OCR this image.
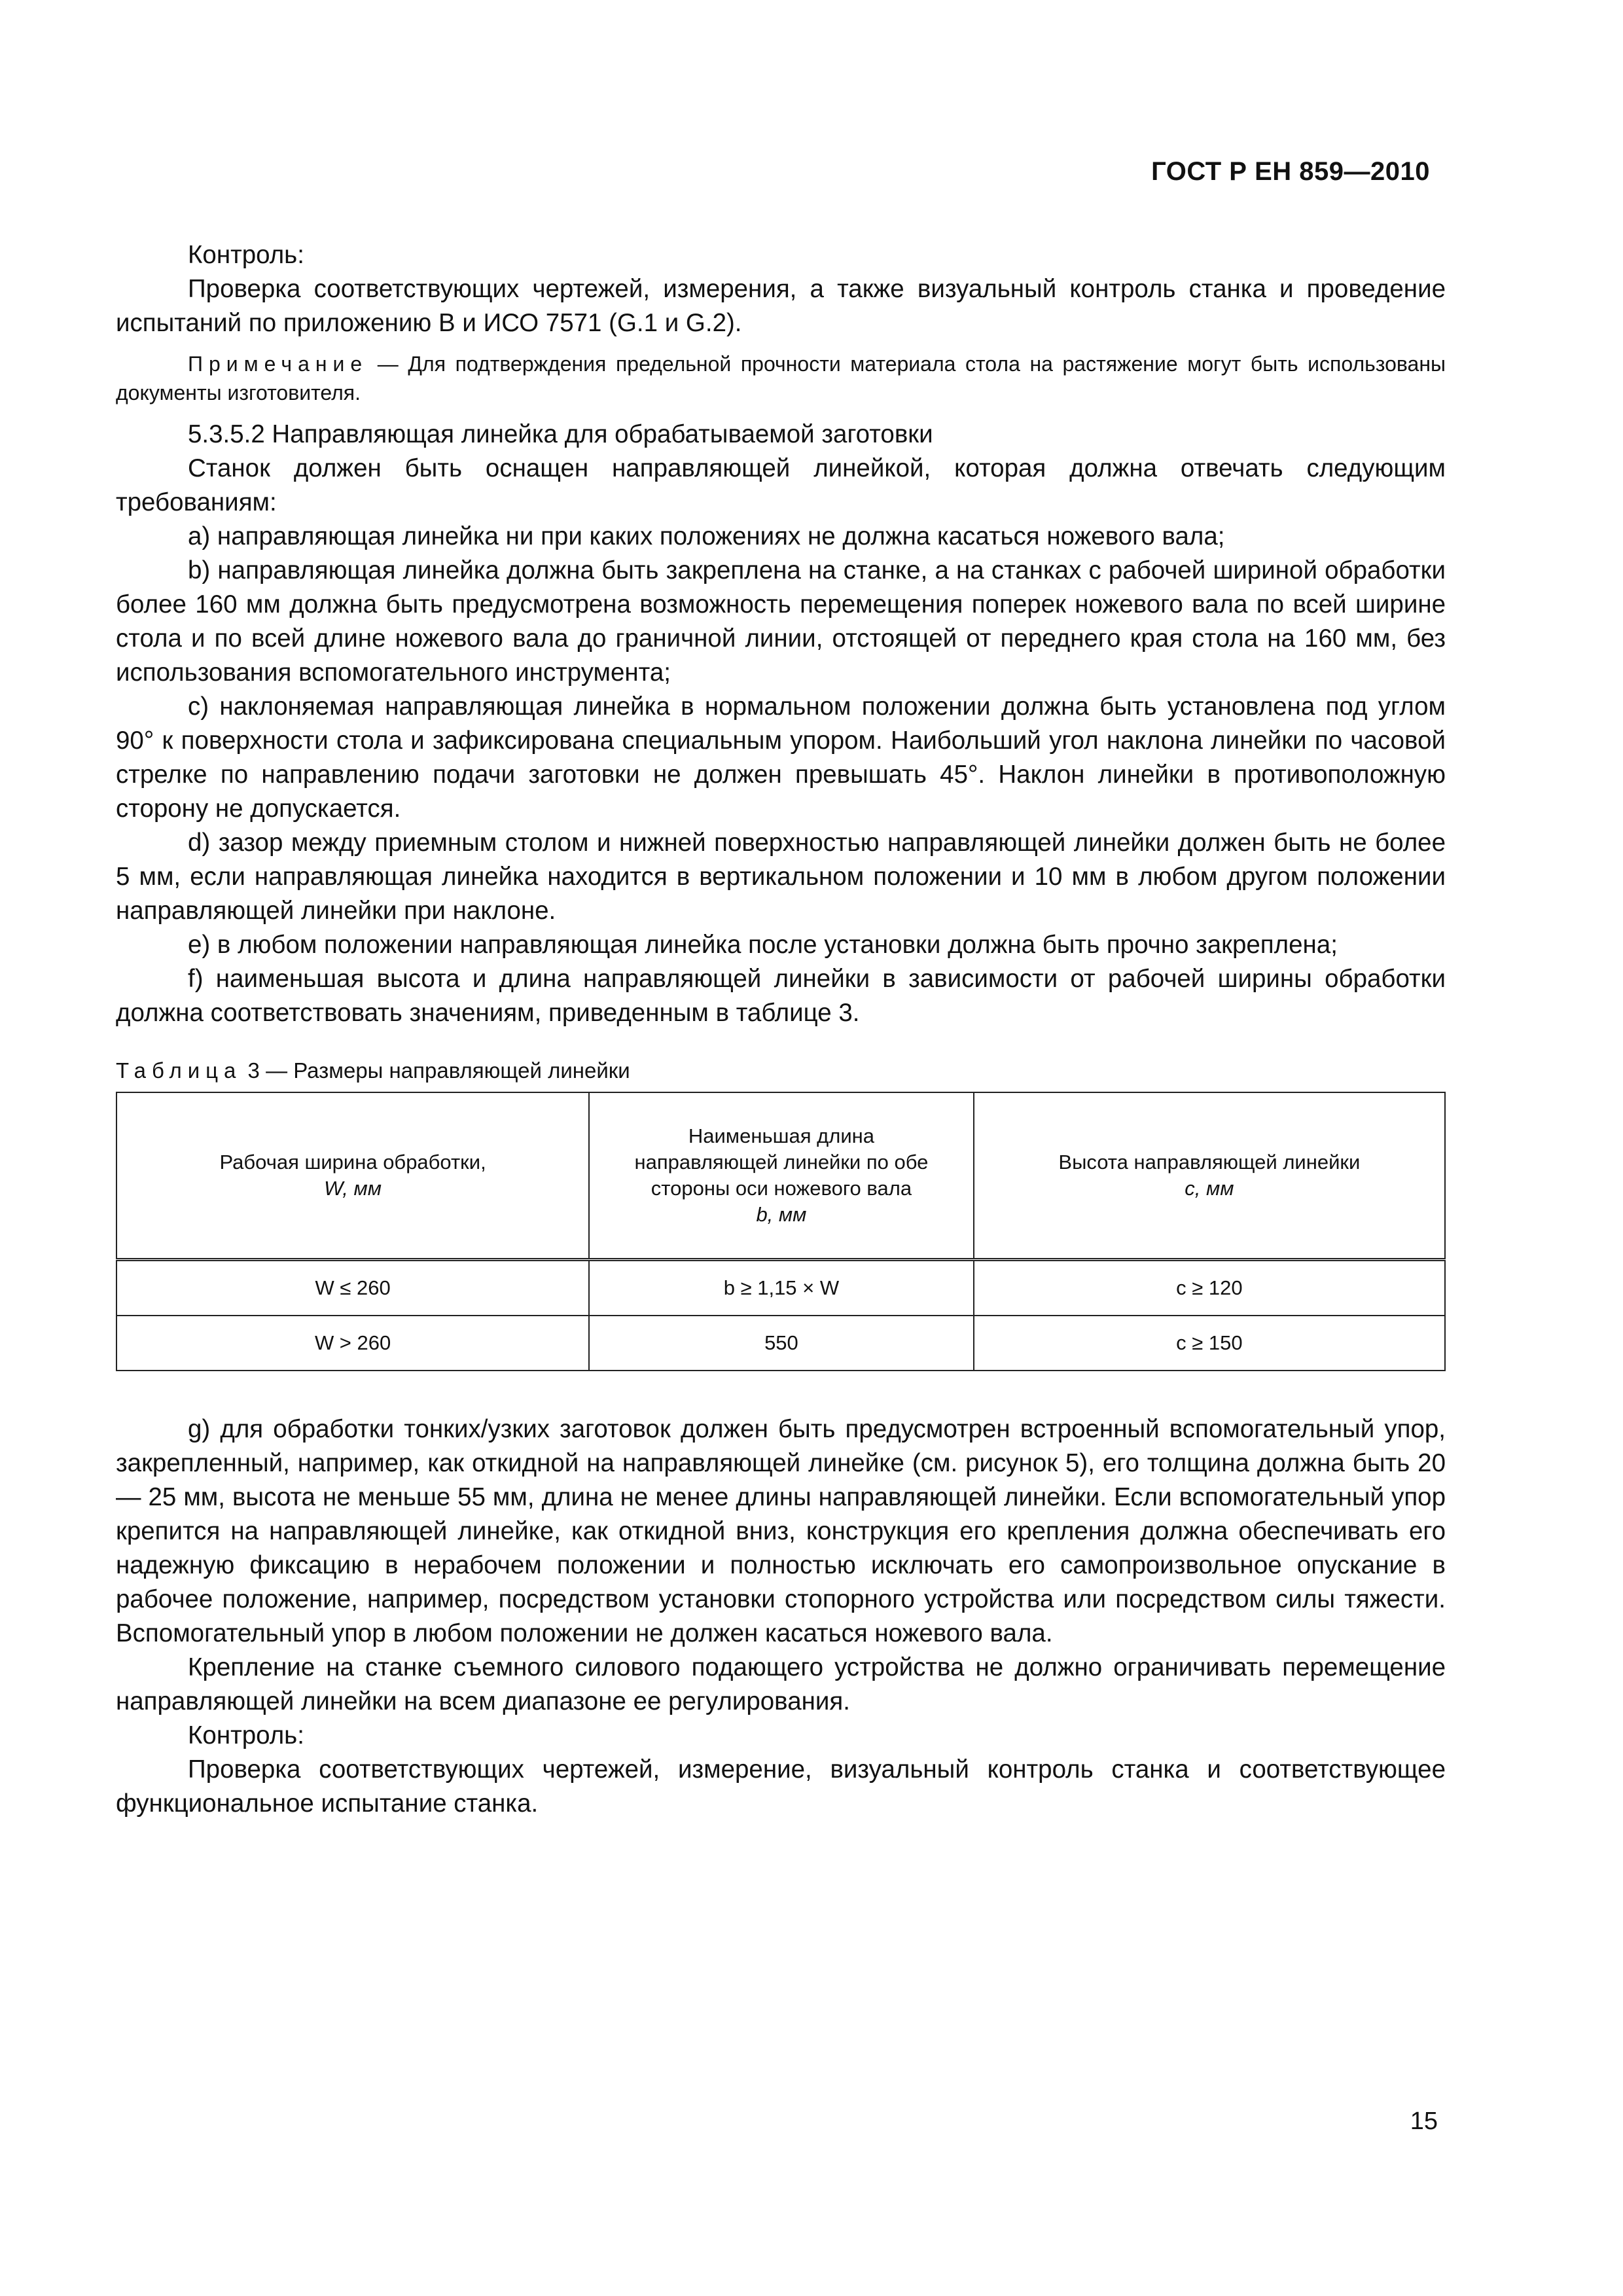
ГОСТ Р ЕН 859—2010

Контроль:

Проверка соответствующих чертежей, измерения, а также визуальный контроль станка и проведение испытаний по приложению В и ИСО 7571 (G.1 и G.2).

Примечание — Для подтверждения предельной прочности материала стола на растяжение могут быть использованы документы изготовителя.

5.3.5.2 Направляющая линейка для обрабатываемой заготовки

Станок должен быть оснащен направляющей линейкой, которая должна отвечать следующим требованиям:

a) направляющая линейка ни при каких положениях не должна касаться ножевого вала;

b) направляющая линейка должна быть закреплена на станке, а на станках с рабочей шириной обработки более 160 мм должна быть предусмотрена возможность перемещения поперек ножевого вала по всей ширине стола и по всей длине ножевого вала до граничной линии, отстоящей от переднего края стола на 160 мм, без использования вспомогательного инструмента;

c) наклоняемая направляющая линейка в нормальном положении должна быть установлена под углом 90° к поверхности стола и зафиксирована специальным упором. Наибольший угол наклона линейки по часовой стрелке по направлению подачи заготовки не должен превышать 45°. Наклон линейки в противоположную сторону не допускается.

d) зазор между приемным столом и нижней поверхностью направляющей линейки должен быть не более 5 мм, если направляющая линейка находится в вертикальном положении и 10 мм в любом другом положении направляющей линейки при наклоне.

e) в любом положении направляющая линейка после установки должна быть прочно закреплена;

f) наименьшая высота и длина направляющей линейки в зависимости от рабочей ширины обработки должна соответствовать значениям, приведенным в таблице 3.

Таблица 3 — Размеры направляющей линейки
Рабочая ширина обработки,
W, мм	Наименьшая длина
направляющей линейки по обе
стороны оси ножевого вала
b, мм	Высота направляющей линейки
c, мм

W ≤ 260	b ≥ 1,15 × W	c ≥ 120
W > 260	550	c ≥ 150

g) для обработки тонких/узких заготовок должен быть предусмотрен встроенный вспомогательный упор, закрепленный, например, как откидной на направляющей линейке (см. рисунок 5), его толщина должна быть 20 — 25 мм, высота не меньше 55 мм, длина не менее длины направляющей линейки. Если вспомогательный упор крепится на направляющей линейке, как откидной вниз, конструкция его крепления должна обеспечивать его надежную фиксацию в нерабочем положении и полностью исключать его самопроизвольное опускание в рабочее положение, например, посредством установки стопорного устройства или посредством силы тяжести. Вспомогательный упор в любом положении не должен касаться ножевого вала.

Крепление на станке съемного силового подающего устройства не должно ограничивать перемещение направляющей линейки на всем диапазоне ее регулирования.

Контроль:

Проверка соответствующих чертежей, измерение, визуальный контроль станка и соответствующее функциональное испытание станка.

15
